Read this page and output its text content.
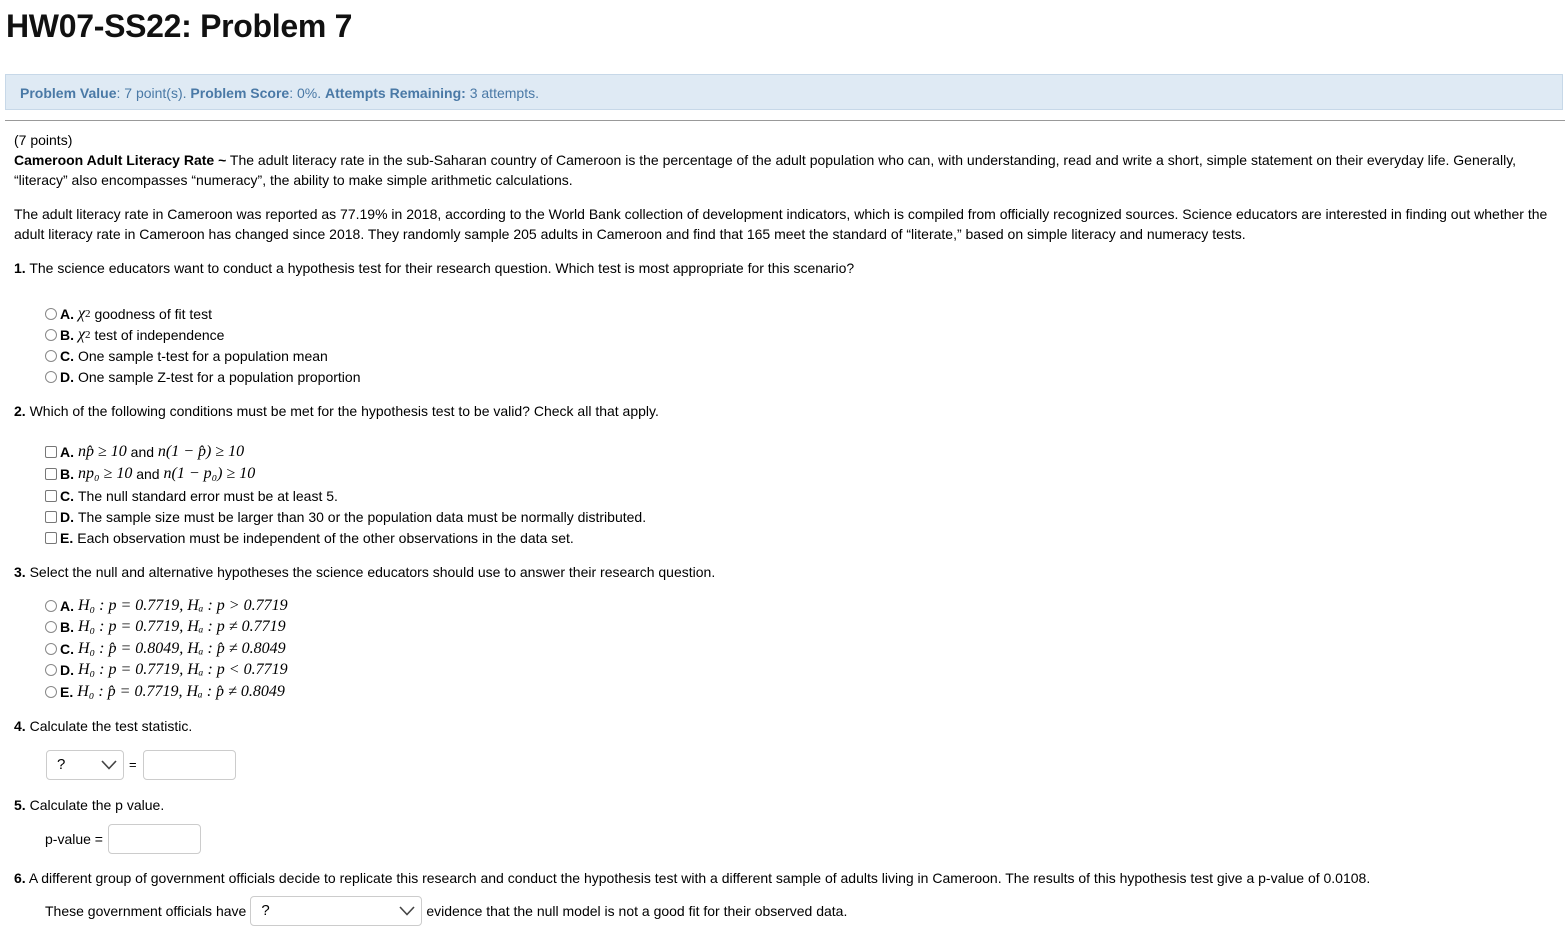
HW07-SS22: Problem 7
Problem Value: 7 point(s). Problem Score: 0%. Attempts Remaining: 3 attempts.

(7 points)

Cameroon Adult Literacy Rate ~ The adult literacy rate in the sub-Saharan country of Cameroon is the percentage of the adult population who can, with understanding, read and write a short, simple statement on their everyday life. Generally, “literacy” also encompasses “numeracy”, the ability to make simple arithmetic calculations.

The adult literacy rate in Cameroon was reported as 77.19% in 2018, according to the World Bank collection of development indicators, which is compiled from officially recognized sources. Science educators are interested in finding out whether the adult literacy rate in Cameroon has changed since 2018. They randomly sample 205 adults in Cameroon and find that 165 meet the standard of “literate,” based on simple literacy and numeracy tests.

1. The science educators want to conduct a hypothesis test for their research question. Which test is most appropriate for this scenario?

A. χ 2
goodness of fit test
B. χ 2
test of independence
C. One sample t-test for a population mean
D. One sample Z-test for a population proportion

2. Which of the following conditions must be met for the hypothesis test to be valid? Check all that apply.

A. np̂ ≥ 10
and
n(1 − p̂) ≥ 10
B. np₀ ≥ 10
and
n(1 − p₀) ≥ 10
C. The null standard error must be at least 5.
D. The sample size must be larger than 30 or the population data must be normally distributed.
E. Each observation must be independent of the other observations in the data set.

3. Select the null and alternative hypotheses the science educators should use to answer their research question.

A. H₀ : p = 0.7719, Hₐ : p > 0.7719
B. H₀ : p = 0.7719, Hₐ : p ≠ 0.7719
C. H₀ : p̂ = 0.8049, Hₐ : p̂ ≠ 0.8049
D. H₀ : p = 0.7719, Hₐ : p < 0.7719
E. H₀ : p̂ = 0.7719, Hₐ : p̂ ≠ 0.8049

4. Calculate the test statistic.

?	=

5. Calculate the p value.

p-value =

6. A different group of government officials decide to replicate this research and conduct the hypothesis test with a different sample of adults living in Cameroon. The results of this hypothesis test give a p-value of 0.0108.

These government officials have ?	evidence that the null model is not a good fit for their observed data.
